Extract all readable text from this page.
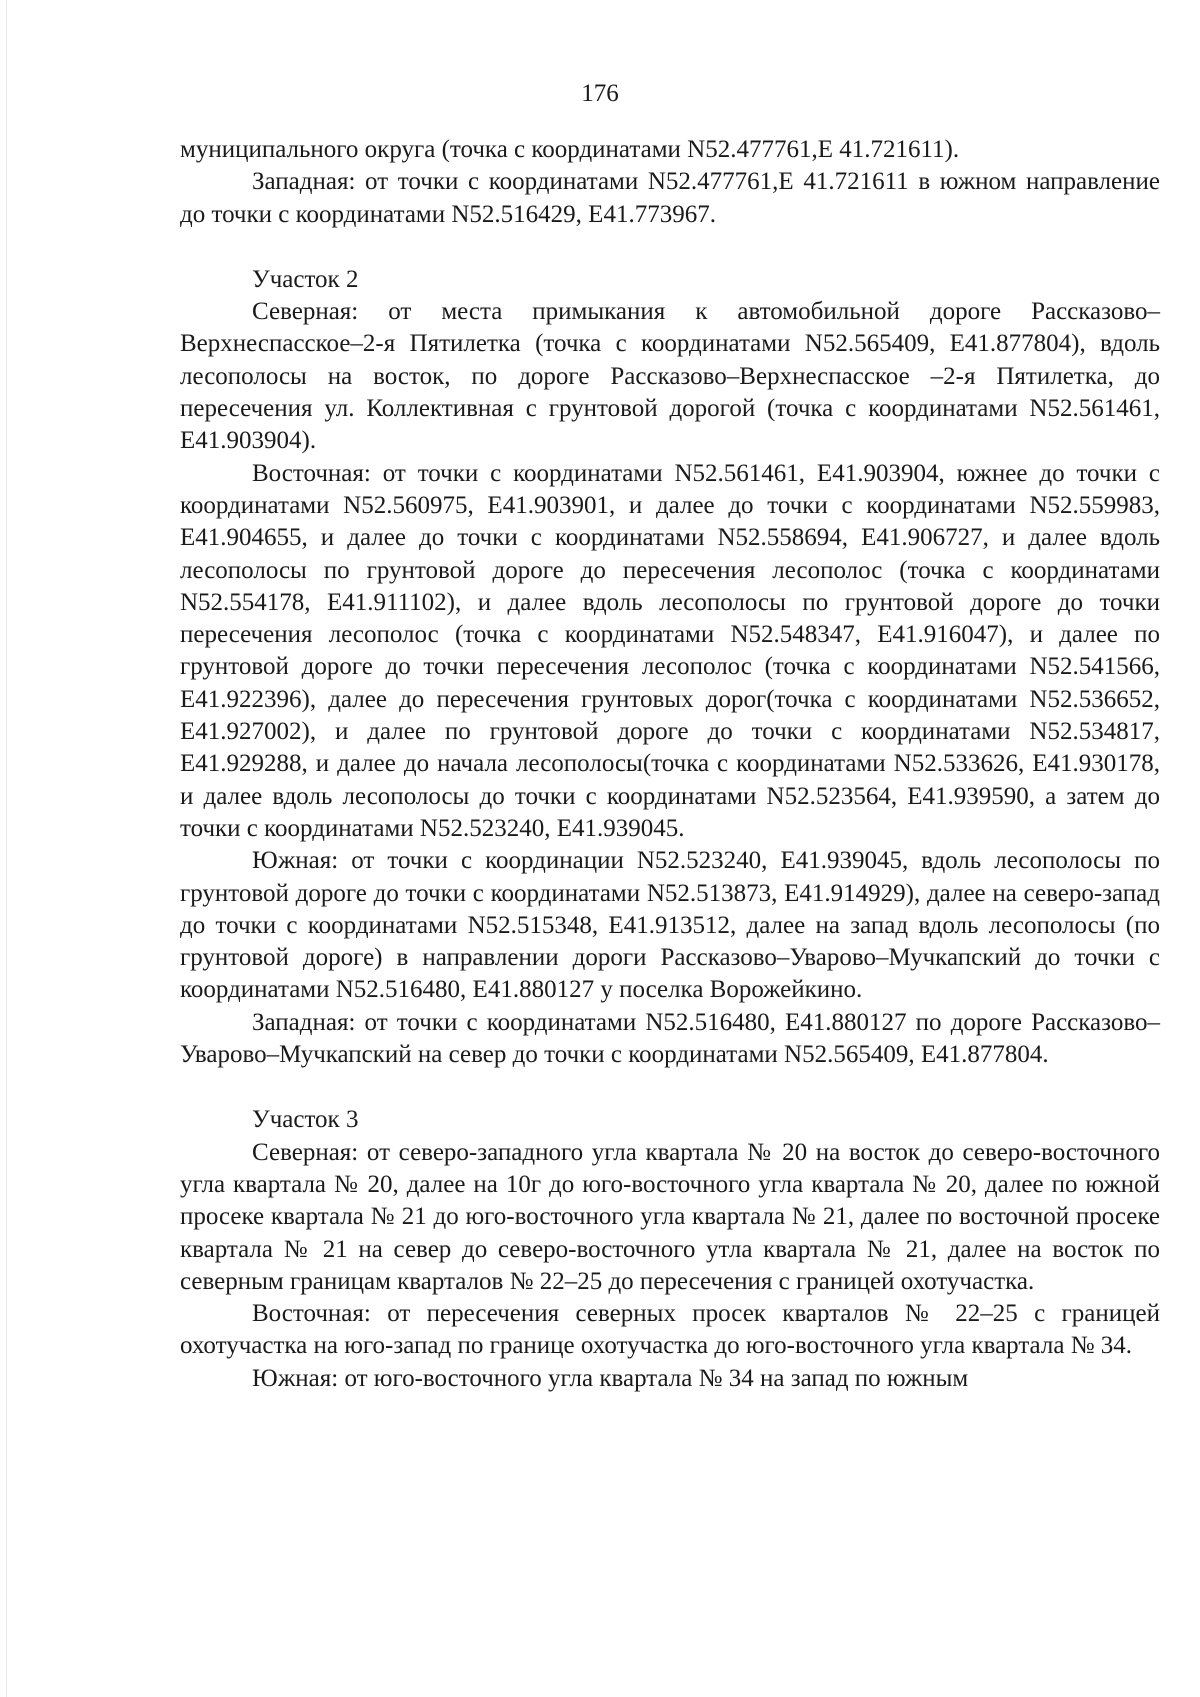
176

муниципального округа (точка с координатами N52.477761,E 41.721611).

Западная: от точки с координатами N52.477761,E 41.721611 в южном направление до точки с координатами N52.516429, E41.773967.

Участок 2

Северная: от места примыкания к автомобильной дороге Рассказово–Верхнеспасское–2-я Пятилетка (точка с координатами N52.565409, E41.877804), вдоль лесополосы на восток, по дороге Рассказово–Верхнеспасское –2-я Пятилетка, до пересечения ул. Коллективная с грунтовой дорогой (точка с координатами N52.561461, E41.903904).

Восточная: от точки с координатами N52.561461, E41.903904, южнее до точки с координатами N52.560975, E41.903901, и далее до точки с координатами N52.559983, E41.904655, и далее до точки с координатами N52.558694, E41.906727, и далее вдоль лесополосы по грунтовой дороге до пересечения лесополос (точка с координатами N52.554178, E41.911102), и далее вдоль лесополосы по грунтовой дороге до точки пересечения лесополос (точка с координатами N52.548347, E41.916047), и далее по грунтовой дороге до точки пересечения лесополос (точка с координатами N52.541566, E41.922396), далее до пересечения грунтовых дорог(точка с координатами N52.536652, E41.927002), и далее по грунтовой дороге до точки с координатами N52.534817, E41.929288, и далее до начала лесополосы(точка с координатами N52.533626, E41.930178, и далее вдоль лесополосы до точки с координатами N52.523564, E41.939590, а затем до точки с координатами N52.523240, E41.939045.

Южная: от точки с координации N52.523240, E41.939045, вдоль лесополосы по грунтовой дороге до точки с координатами N52.513873, E41.914929), далее на северо-запад до точки с координатами N52.515348, E41.913512, далее на запад вдоль лесополосы (по грунтовой дороге) в направлении дороги Рассказово–Уварово–Мучкапский до точки с координатами N52.516480, E41.880127 у поселка Ворожейкино.

Западная: от точки с координатами N52.516480, E41.880127 по дороге Рассказово–Уварово–Мучкапский на север до точки с координатами N52.565409, E41.877804.

Участок 3

Северная: от северо-западного угла квартала № 20 на восток до северо-восточного угла квартала № 20, далее на 10г до юго-восточного угла квартала № 20, далее по южной просеке квартала № 21 до юго-восточного угла квартала № 21, далее по восточной просеке квартала № 21 на север до северо-восточного утла квартала № 21, далее на восток по северным границам кварталов № 22–25 до пересечения с границей охотучастка.

Восточная: от пересечения северных просек кварталов № 22–25 с границей охотучастка на юго-запад по границе охотучастка до юго-восточного угла квартала № 34.

Южная: от юго-восточного угла квартала № 34 на запад по южным
